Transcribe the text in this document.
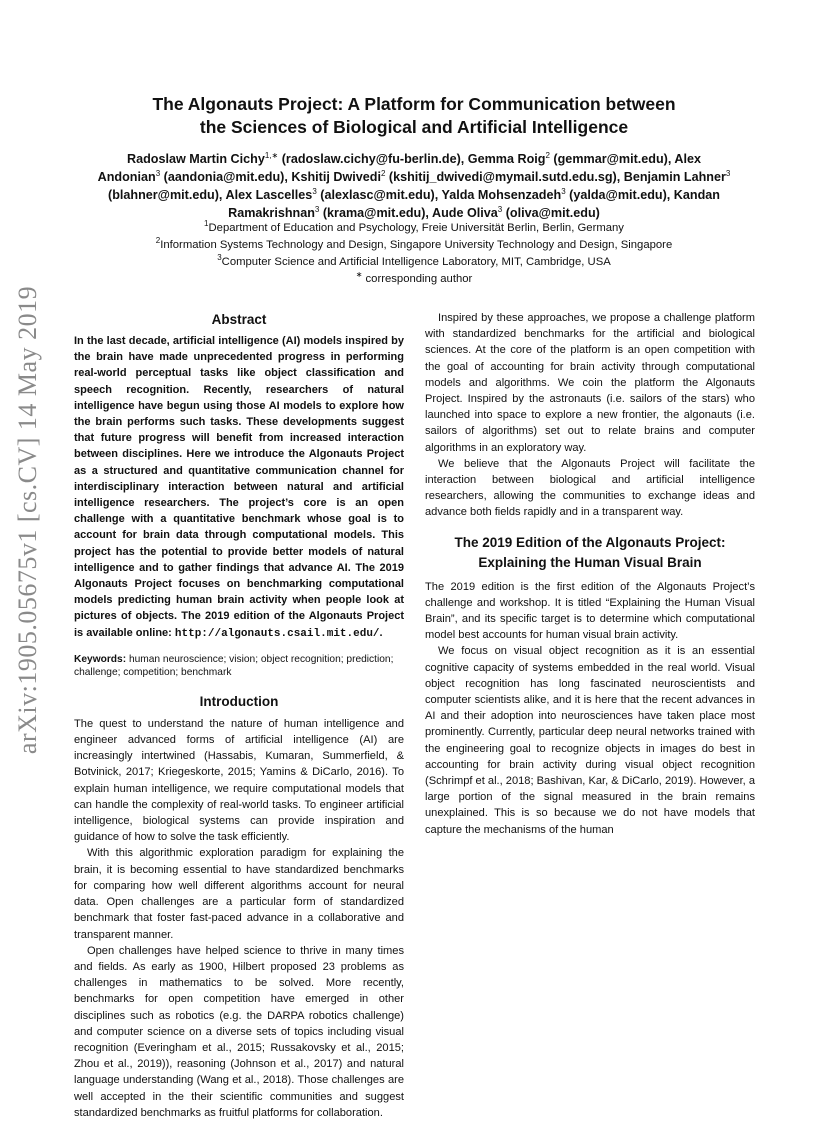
arXiv:1905.05675v1 [cs.CV] 14 May 2019
The Algonauts Project: A Platform for Communication between
the Sciences of Biological and Artificial Intelligence
Radoslaw Martin Cichy$^{1,∗}$ (radoslaw.cichy@fu-berlin.de), Gemma Roig$^2$ (gemmar@mit.edu), Alex Andonian$^3$ (aandonia@mit.edu), Kshitij Dwivedi$^2$ (kshitij_dwivedi@mymail.sutd.edu.sg), Benjamin Lahner$^3$ (blahner@mit.edu), Alex Lascelles$^3$ (alexlasc@mit.edu), Yalda Mohsenzadeh$^3$ (yalda@mit.edu), Kandan Ramakrishnan$^3$ (krama@mit.edu), Aude Oliva$^3$ (oliva@mit.edu)
$^1$Department of Education and Psychology, Freie Universität Berlin, Berlin, Germany
$^2$Information Systems Technology and Design, Singapore University Technology and Design, Singapore
$^3$Computer Science and Artificial Intelligence Laboratory, MIT, Cambridge, USA
∗ corresponding author
Abstract

In the last decade, artificial intelligence (AI) models inspired by the brain have made unprecedented progress in performing real-world perceptual tasks like object classification and speech recognition. Recently, researchers of natural intelligence have begun using those AI models to explore how the brain performs such tasks. These developments suggest that future progress will benefit from increased interaction between disciplines. Here we introduce the Algonauts Project as a structured and quantitative communication channel for interdisciplinary interaction between natural and artificial intelligence researchers. The project’s core is an open challenge with a quantitative benchmark whose goal is to account for brain data through computational models. This project has the potential to provide better models of natural intelligence and to gather findings that advance AI. The 2019 Algonauts Project focuses on benchmarking computational models predicting human brain activity when people look at pictures of objects. The 2019 edition of the Algonauts Project is available online: http://algonauts.csail.mit.edu/.

Keywords: human neuroscience; vision; object recognition; prediction; challenge; competition; benchmark

Introduction

The quest to understand the nature of human intelligence and engineer advanced forms of artificial intelligence (AI) are increasingly intertwined (Hassabis, Kumaran, Summerfield, & Botvinick, 2017; Kriegeskorte, 2015; Yamins & DiCarlo, 2016). To explain human intelligence, we require computational models that can handle the complexity of real-world tasks. To engineer artificial intelligence, biological systems can provide inspiration and guidance of how to solve the task efficiently.

With this algorithmic exploration paradigm for explaining the brain, it is becoming essential to have standardized benchmarks for comparing how well different algorithms account for neural data. Open challenges are a particular form of standardized benchmark that foster fast-paced advance in a collaborative and transparent manner.

Open challenges have helped science to thrive in many times and fields. As early as 1900, Hilbert proposed 23 problems as challenges in mathematics to be solved. More recently, benchmarks for open competition have emerged in other disciplines such as robotics (e.g. the DARPA robotics challenge) and computer science on a diverse sets of topics including visual recognition (Everingham et al., 2015; Russakovsky et al., 2015; Zhou et al., 2019)), reasoning (Johnson et al., 2017) and natural language understanding (Wang et al., 2018). Those challenges are well accepted in the their scientific communities and suggest standardized benchmarks as fruitful platforms for collaboration.

Inspired by these approaches, we propose a challenge platform with standardized benchmarks for the artificial and biological sciences. At the core of the platform is an open competition with the goal of accounting for brain activity through computational models and algorithms. We coin the platform the Algonauts Project. Inspired by the astronauts (i.e. sailors of the stars) who launched into space to explore a new frontier, the algonauts (i.e. sailors of algorithms) set out to relate brains and computer algorithms in an exploratory way.

We believe that the Algonauts Project will facilitate the interaction between biological and artificial intelligence researchers, allowing the communities to exchange ideas and advance both fields rapidly and in a transparent way.

The 2019 Edition of the Algonauts Project:
Explaining the Human Visual Brain

The 2019 edition is the first edition of the Algonauts Project’s challenge and workshop. It is titled “Explaining the Human Visual Brain”, and its specific target is to determine which computational model best accounts for human visual brain activity.

We focus on visual object recognition as it is an essential cognitive capacity of systems embedded in the real world. Visual object recognition has long fascinated neuroscientists and computer scientists alike, and it is here that the recent advances in AI and their adoption into neurosciences have taken place most prominently. Currently, particular deep neural networks trained with the engineering goal to recognize objects in images do best in accounting for brain activity during visual object recognition (Schrimpf et al., 2018; Bashivan, Kar, & DiCarlo, 2019). However, a large portion of the signal measured in the brain remains unexplained. This is so because we do not have models that capture the mechanisms of the human
